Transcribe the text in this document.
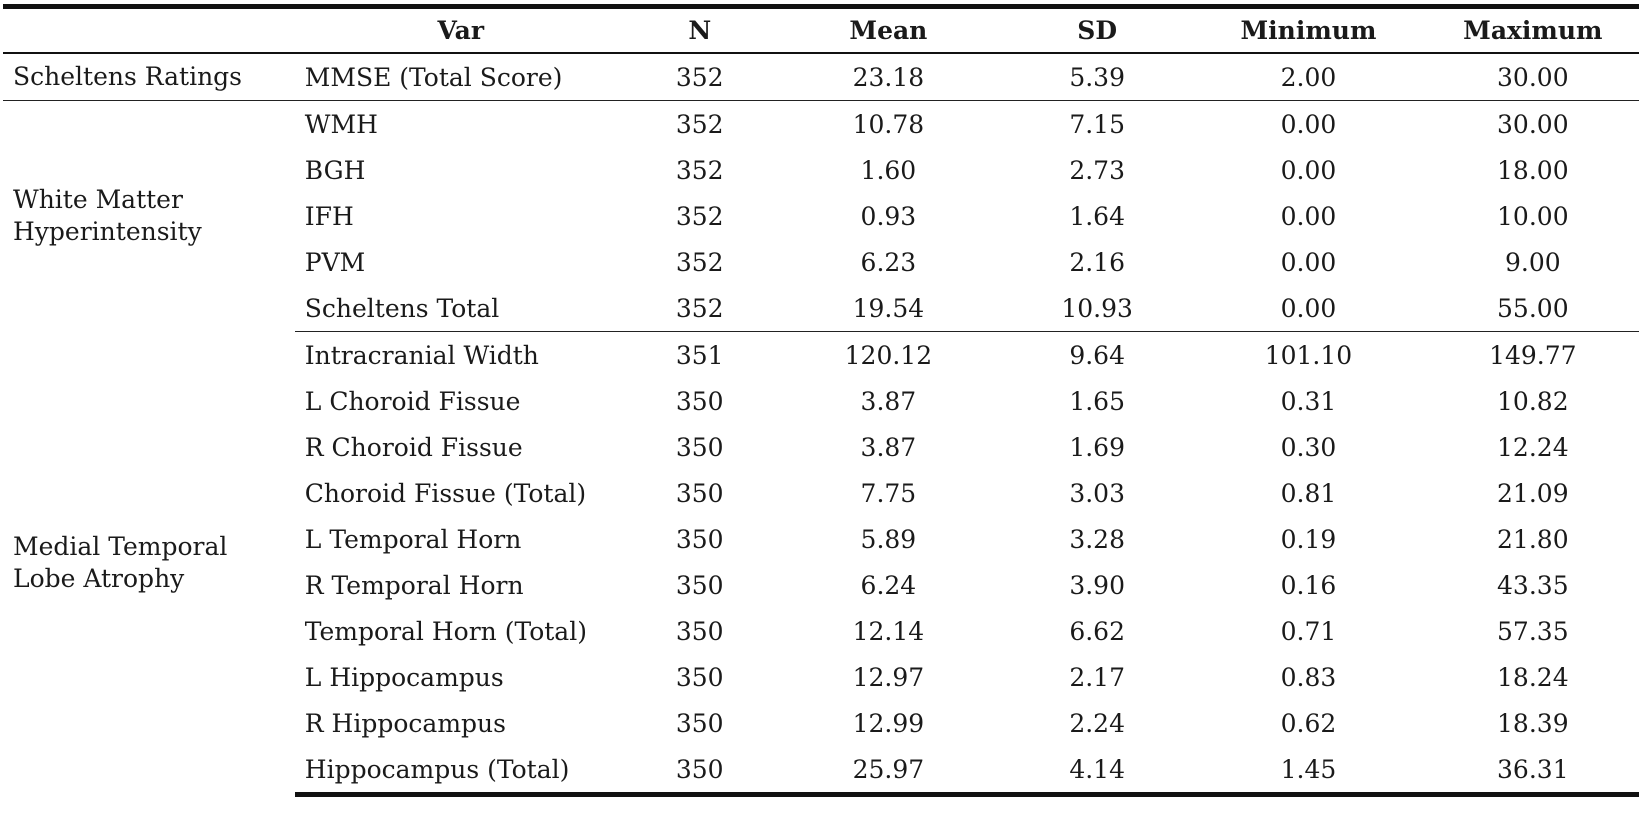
	Var	N	Mean	SD	Minimum	Maximum
Scheltens Ratings	MMSE (Total Score)	352	23.18	5.39	2.00	30.00
White Matter Hyperintensity	WMH	352	10.78	7.15	0.00	30.00
	BGH	352	1.60	2.73	0.00	18.00
	IFH	352	0.93	1.64	0.00	10.00
	PVM	352	6.23	2.16	0.00	9.00
	Scheltens Total	352	19.54	10.93	0.00	55.00
Medial Temporal Lobe Atrophy	Intracranial Width	351	120.12	9.64	101.10	149.77
	L Choroid Fissue	350	3.87	1.65	0.31	10.82
	R Choroid Fissue	350	3.87	1.69	0.30	12.24
	Choroid Fissue (Total)	350	7.75	3.03	0.81	21.09
	L Temporal Horn	350	5.89	3.28	0.19	21.80
	R Temporal Horn	350	6.24	3.90	0.16	43.35
	Temporal Horn (Total)	350	12.14	6.62	0.71	57.35
	L Hippocampus	350	12.97	2.17	0.83	18.24
	R Hippocampus	350	12.99	2.24	0.62	18.39
	Hippocampus (Total)	350	25.97	4.14	1.45	36.31
